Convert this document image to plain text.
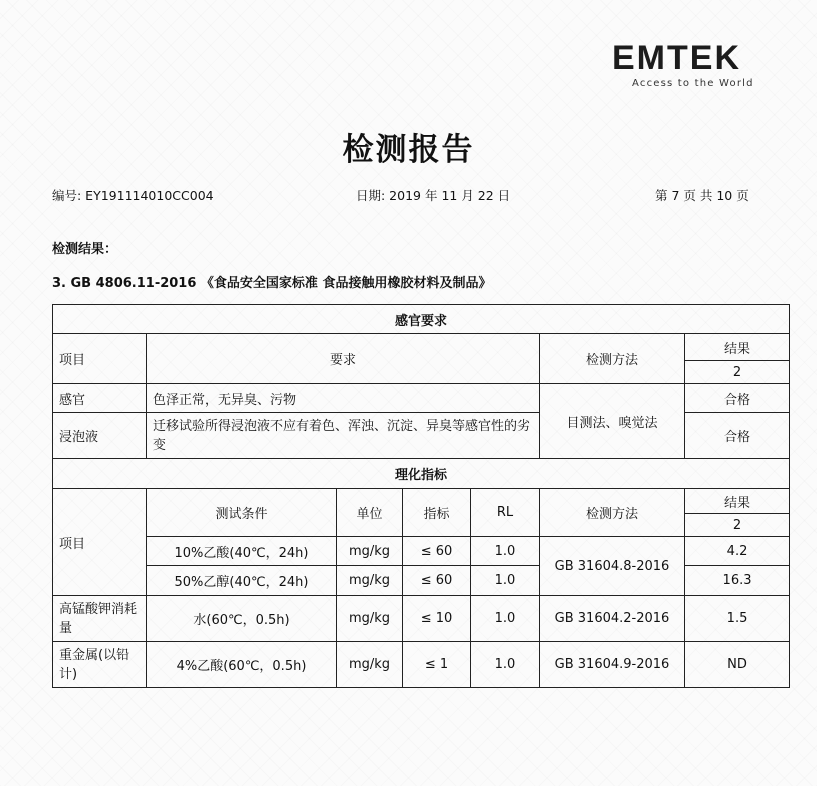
EMTEK
Access to the World
检测报告
编号: EY191114010CC004	日期: 2019 年 11 月 22 日	第 7 页 共 10 页
检测结果：
3. GB 4806.11-2016 《食品安全国家标准 食品接触用橡胶材料及制品》
感官要求						
项目	要求				检测方法	结果
						2
感官	色泽正常，无异臭、污物				目测法、嗅觉法	合格
浸泡液	迁移试验所得浸泡液不应有着色、浑浊、沉淀、异臭等感官性的劣变					合格
理化指标						
项目	测试条件	单位	指标	RL	检测方法	结果
						2
	10%乙酸(40℃，24h)	mg/kg	≤ 60	1.0	GB 31604.8-2016	4.2
	50%乙醇(40℃，24h)	mg/kg	≤ 60	1.0		16.3
高锰酸钾消耗量	水(60℃，0.5h)	mg/kg	≤ 10	1.0	GB 31604.2-2016	1.5
重金属(以铅计)	4%乙酸(60℃，0.5h)	mg/kg	≤ 1	1.0	GB 31604.9-2016	ND
